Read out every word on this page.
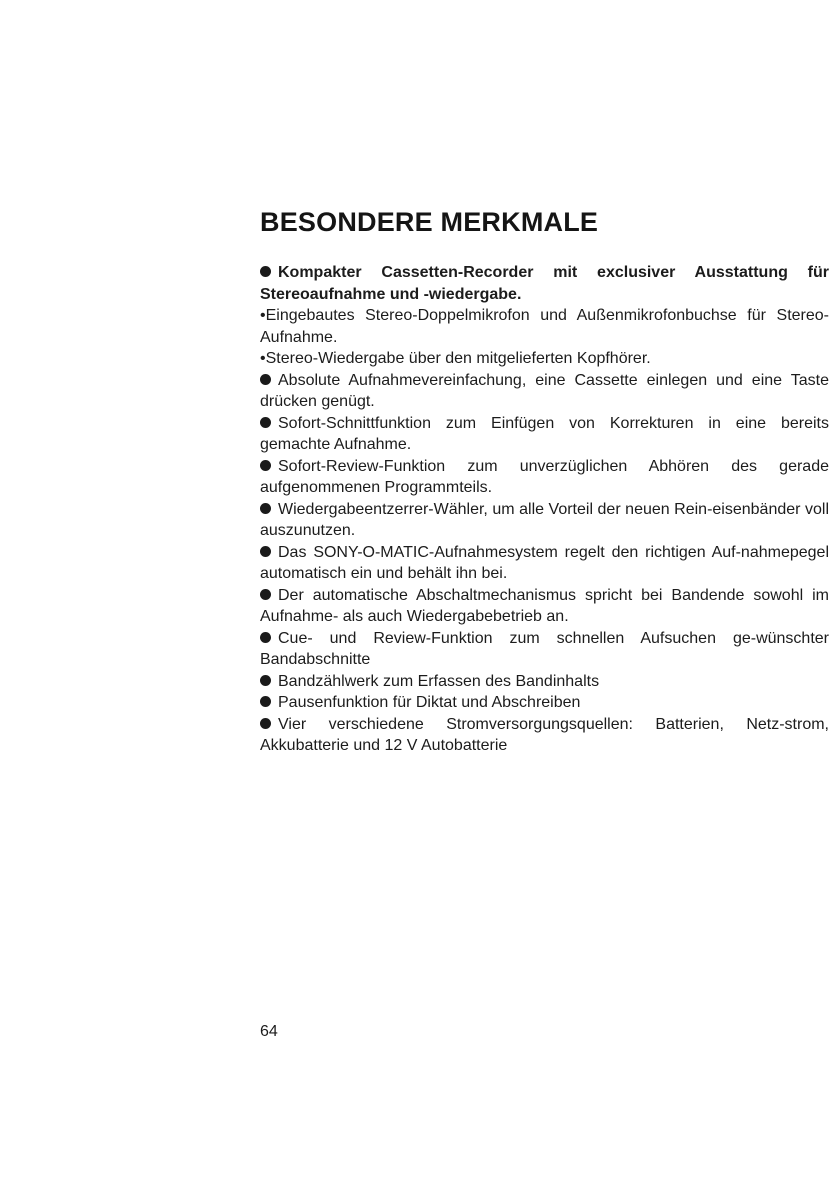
BESONDERE MERKMALE

Kompakter Cassetten-Recorder mit exclusiver Ausstattung für Stereoaufnahme und -wiedergabe.

•Eingebautes Stereo-Doppelmikrofon und Außenmikrofonbuchse für Stereo-Aufnahme.

•Stereo-Wiedergabe über den mitgelieferten Kopfhörer.

Absolute Aufnahmevereinfachung, eine Cassette einlegen und eine Taste drücken genügt.

Sofort-Schnittfunktion zum Einfügen von Korrekturen in eine bereits gemachte Aufnahme.

Sofort-Review-Funktion zum unverzüglichen Abhören des gerade aufgenommenen Programmteils.

Wiedergabeentzerrer-Wähler, um alle Vorteil der neuen Rein-eisenbänder voll auszunutzen.

Das SONY-O-MATIC-Aufnahmesystem regelt den richtigen Auf-nahmepegel automatisch ein und behält ihn bei.

Der automatische Abschaltmechanismus spricht bei Bandende sowohl im Aufnahme- als auch Wiedergabebetrieb an.

Cue- und Review-Funktion zum schnellen Aufsuchen ge-wünschter Bandabschnitte

Bandzählwerk zum Erfassen des Bandinhalts

Pausenfunktion für Diktat und Abschreiben

Vier verschiedene Stromversorgungsquellen: Batterien, Netz-strom, Akkubatterie und 12 V Autobatterie

64
